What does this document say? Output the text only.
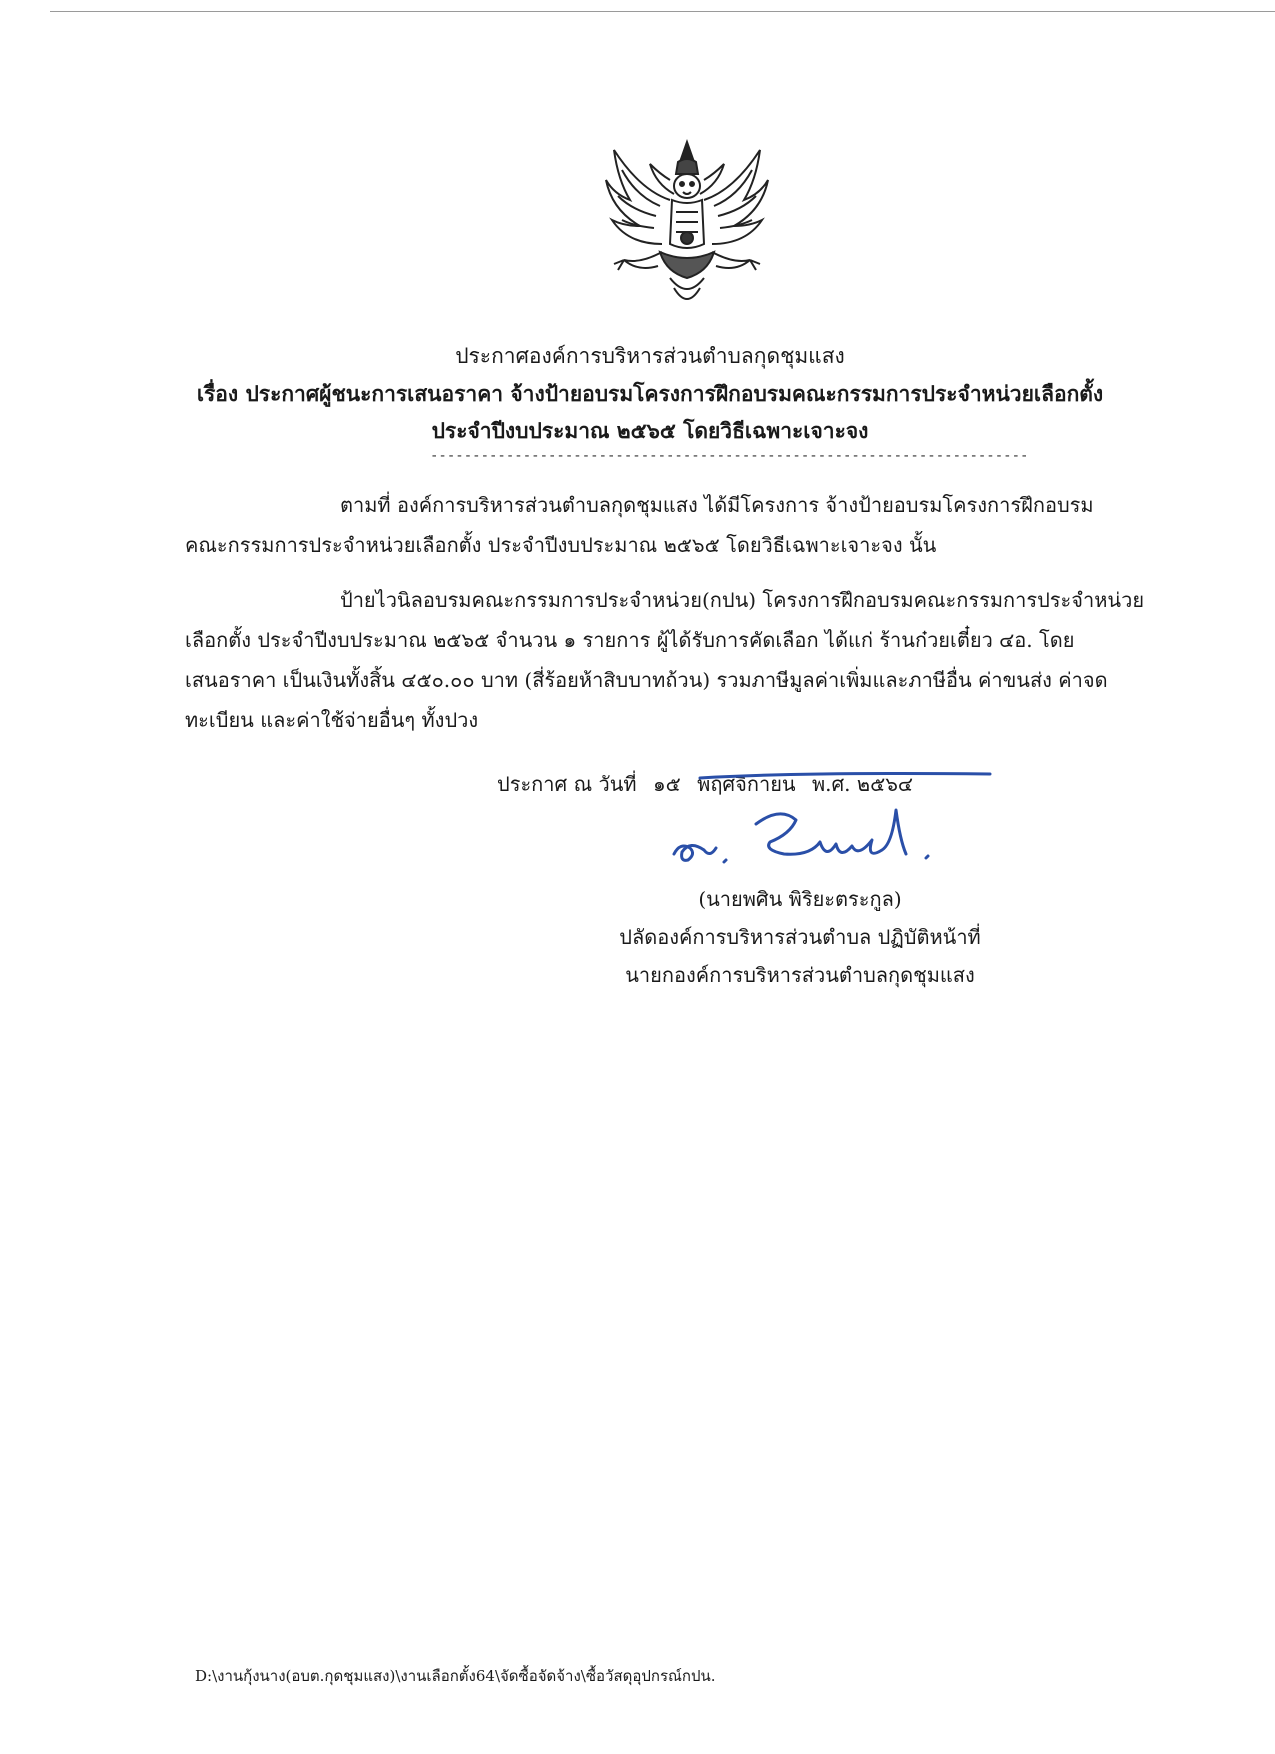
ประกาศองค์การบริหารส่วนตำบลกุดชุมแสง
เรื่อง ประกาศผู้ชนะการเสนอราคา จ้างป้ายอบรมโครงการฝึกอบรมคณะกรรมการประจำหน่วยเลือกตั้ง
ประจำปีงบประมาณ ๒๕๖๕ โดยวิธีเฉพาะเจาะจง
-----------------------------------------------------------------------
ตามที่ องค์การบริหารส่วนตำบลกุดชุมแสง ได้มีโครงการ จ้างป้ายอบรมโครงการฝึกอบรม
คณะกรรมการประจำหน่วยเลือกตั้ง ประจำปีงบประมาณ ๒๕๖๕ โดยวิธีเฉพาะเจาะจง นั้น
ป้ายไวนิลอบรมคณะกรรมการประจำหน่วย(กปน) โครงการฝึกอบรมคณะกรรมการประจำหน่วย
เลือกตั้ง ประจำปีงบประมาณ ๒๕๖๕ จำนวน ๑ รายการ ผู้ได้รับการคัดเลือก ได้แก่ ร้านก๋วยเตี๋ยว ๔อ. โดย
เสนอราคา เป็นเงินทั้งสิ้น ๔๕๐.๐๐ บาท (สี่ร้อยห้าสิบบาทถ้วน) รวมภาษีมูลค่าเพิ่มและภาษีอื่น ค่าขนส่ง ค่าจด
ทะเบียน และค่าใช้จ่ายอื่นๆ ทั้งปวง
ประกาศ ณ วันที่ ๑๕ พฤศจิกายน พ.ศ. ๒๕๖๔
(นายพศิน พิริยะตระกูล)
ปลัดองค์การบริหารส่วนตำบล ปฏิบัติหน้าที่
นายกองค์การบริหารส่วนตำบลกุดชุมแสง
D:\งานกุ้งนาง(อบต.กุดชุมแสง)\งานเลือกตั้ง64\จัดซื้อจัดจ้าง\ซื้อวัสดุอุปกรณ์กปน.
